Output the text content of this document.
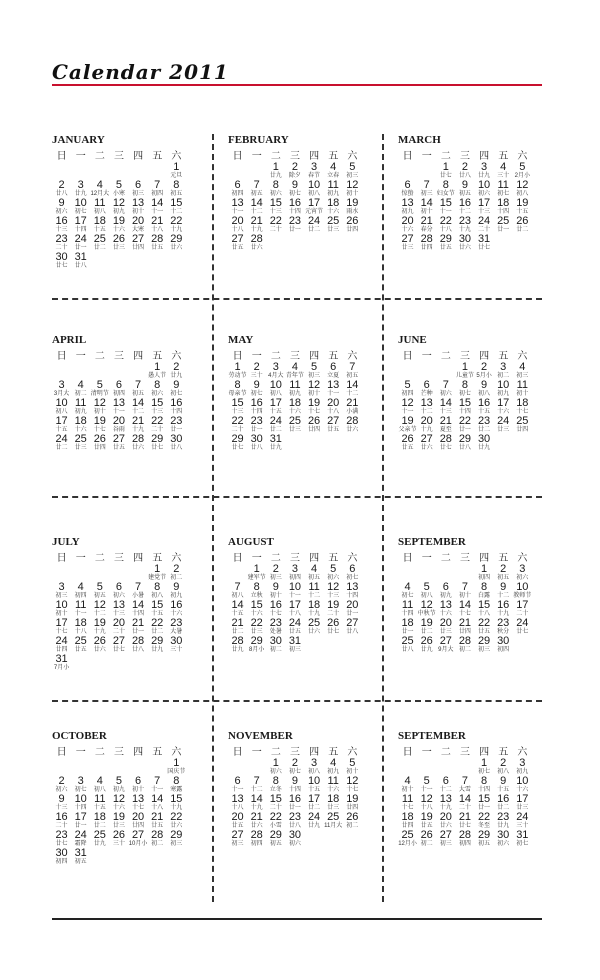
Calendar 2011
JANUARY
日 一 二 三 四 五 六
1
元旦
2
廿八
3
廿九
4
12月大
5
小寒
6
初三
7
初四
8
初五
9
初六
10
初七
11
初八
12
初九
13
初十
14
十一
15
十二
16
十三
17
十四
18
十五
19
十六
20
大寒
21
十八
22
十九
23
二十
24
廿一
25
廿二
26
廿三
27
廿四
28
廿五
29
廿六
30
廿七
31
廿八
FEBRUARY
日 一 二 三 四 五 六
1
廿九
2
除夕
3
春节
4
立春
5
初三
6
初四
7
初五
8
初六
9
初七
10
初八
11
初九
12
初十
13
十一
14
十二
15
十三
16
十四
17
元宵节
18
十六
19
雨水
20
十八
21
十九
22
二十
23
廿一
24
廿二
25
廿三
26
廿四
27
廿五
28
廿六
MARCH
日 一 二 三 四 五 六
1
廿七
2
廿八
3
廿九
4
三十
5
2月小
6
惊蛰
7
初三
8
妇女节
9
初五
10
初六
11
初七
12
初八
13
初九
14
初十
15
十一
16
十二
17
十三
18
十四
19
十五
20
十六
21
春分
22
十八
23
十九
24
二十
25
廿一
26
廿二
27
廿三
28
廿四
29
廿五
30
廿六
31
廿七
APRIL
日 一 二 三 四 五 六
1
愚人节
2
廿九
3
3月大
4
初二
5
清明节
6
初四
7
初五
8
初六
9
初七
10
初八
11
初九
12
初十
13
十一
14
十二
15
十三
16
十四
17
十五
18
十六
19
十七
20
谷雨
21
十九
22
二十
23
廿一
24
廿二
25
廿三
26
廿四
27
廿五
28
廿六
29
廿七
30
廿八
MAY
日 一 二 三 四 五 六
1
劳动节
2
三十
3
4月大
4
青年节
5
初三
6
立夏
7
初五
8
母亲节
9
初七
10
初八
11
初九
12
初十
13
十一
14
十二
15
十三
16
十四
17
十五
18
十六
19
十七
20
十八
21
小满
22
二十
23
廿一
24
廿二
25
廿三
26
廿四
27
廿五
28
廿六
29
廿七
30
廿八
31
廿九
JUNE
日 一 二 三 四 五 六
1
儿童节
2
5月小
3
初二
4
初三
5
初四
6
芒种
7
初六
8
初七
9
初八
10
初九
11
初十
12
十一
13
十二
14
十三
15
十四
16
十五
17
十六
18
十七
19
父亲节
20
十九
21
夏至
22
廿一
23
廿二
24
廿三
25
廿四
26
廿五
27
廿六
28
廿七
29
廿八
30
廿九
JULY
日 一 二 三 四 五 六
1
建党节
2
初二
3
初三
4
初四
5
初五
6
初六
7
小暑
8
初八
9
初九
10
初十
11
十一
12
十二
13
十三
14
十四
15
十五
16
十六
17
十七
18
十八
19
十九
20
二十
21
廿一
22
廿二
23
大暑
24
廿四
25
廿五
26
廿六
27
廿七
28
廿八
29
廿九
30
三十
31
7月小
AUGUST
日 一 二 三 四 五 六
1
建军节
2
初三
3
初四
4
初五
5
初六
6
初七
7
初八
8
立秋
9
初十
10
十一
11
十二
12
十三
13
十四
14
十五
15
十六
16
十七
17
十八
18
十九
19
二十
20
廿一
21
廿二
22
廿三
23
处暑
24
廿五
25
廿六
26
廿七
27
廿八
28
廿九
29
8月小
30
初二
31
初三
SEPTEMBER
日 一 二 三 四 五 六
1
初四
2
初五
3
初六
4
初七
5
初八
6
初九
7
初十
8
白露
9
十二
10
教师节
11
十四
12
中秋节
13
十六
14
十七
15
十八
16
十九
17
二十
18
廿一
19
廿二
20
廿三
21
廿四
22
廿五
23
秋分
24
廿七
25
廿八
26
廿九
27
9月大
28
初二
29
初三
30
初四
OCTOBER
日 一 二 三 四 五 六
1
国庆节
2
初六
3
初七
4
初八
5
初九
6
初十
7
十一
8
寒露
9
十三
10
十四
11
十五
12
十六
13
十七
14
十八
15
十九
16
二十
17
廿一
18
廿二
19
廿三
20
廿四
21
廿五
22
廿六
23
廿七
24
霜降
25
廿九
26
三十
27
10月小
28
初二
29
初三
30
初四
31
初五
NOVEMBER
日 一 二 三 四 五 六
1
初六
2
初七
3
初八
4
初九
5
初十
6
十一
7
十二
8
立冬
9
十四
10
十五
11
十六
12
十七
13
十八
14
十九
15
二十
16
廿一
17
廿二
18
廿三
19
廿四
20
廿五
21
廿六
22
小雪
23
廿八
24
廿九
25
11月大
26
初二
27
初三
28
初四
29
初五
30
初六
SEPTEMBER
日 一 二 三 四 五 六
1
初七
2
初八
3
初九
4
初十
5
十一
6
十二
7
大雪
8
十四
9
十五
10
十六
11
十七
12
十八
13
十九
14
二十
15
廿一
16
廿二
17
廿三
18
廿四
19
廿五
20
廿六
21
廿七
22
冬至
23
廿九
24
三十
25
12月小
26
初二
27
初三
28
初四
29
初五
30
初六
31
初七
